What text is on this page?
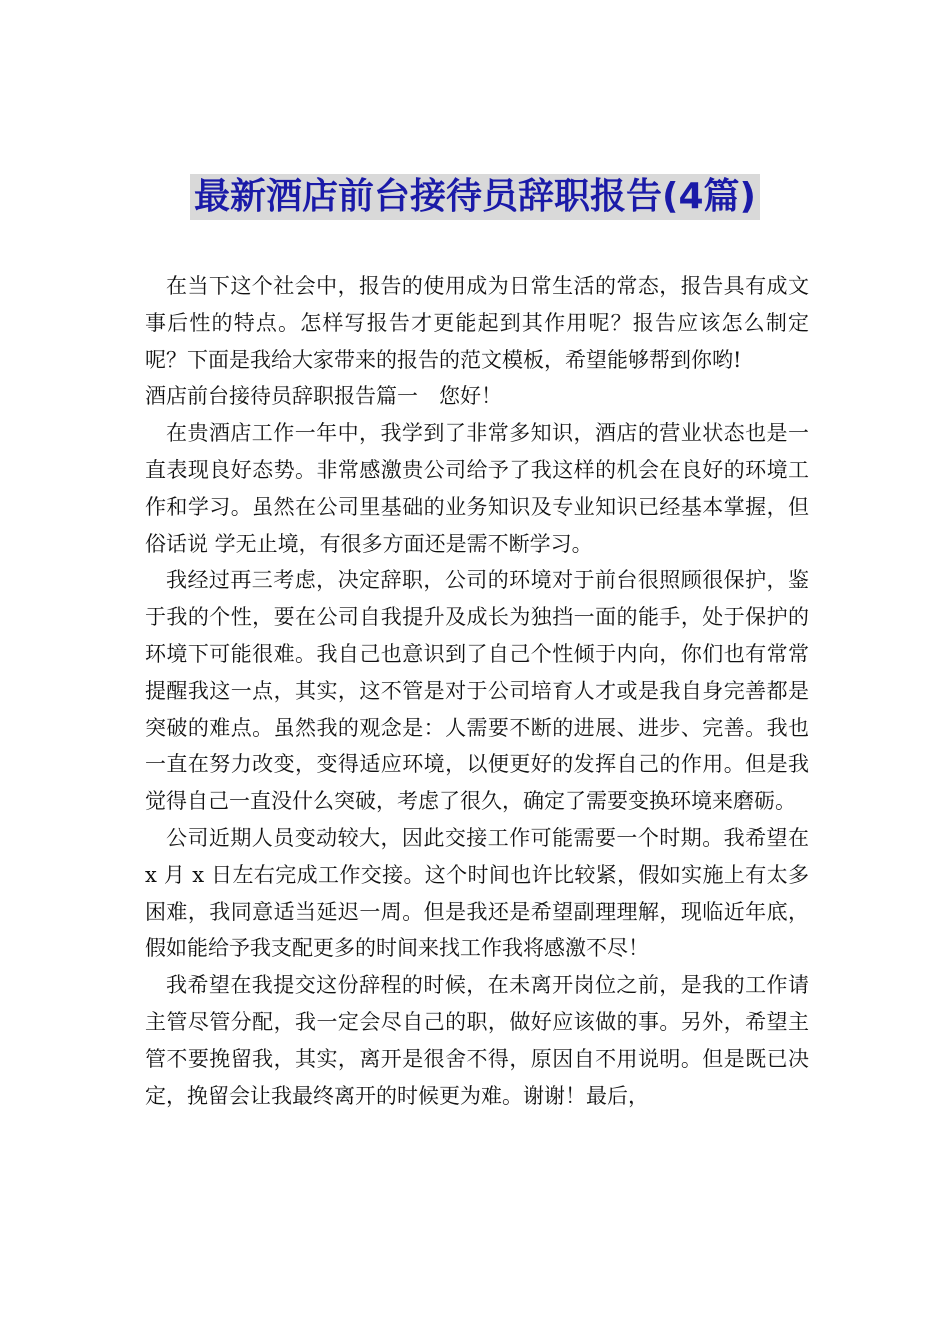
最新酒店前台接待员辞职报告(4篇)

在当下这个社会中，报告的使用成为日常生活的常态，报告具有成文事后性的特点。怎样写报告才更能起到其作用呢？报告应该怎么制定呢？下面是我给大家带来的报告的范文模板，希望能够帮到你哟!

酒店前台接待员辞职报告篇一　您好！

在贵酒店工作一年中，我学到了非常多知识，酒店的营业状态也是一直表现良好态势。非常感激贵公司给予了我这样的机会在良好的环境工作和学习。虽然在公司里基础的业务知识及专业知识已经基本掌握，但俗话说 学无止境，有很多方面还是需不断学习。

我经过再三考虑，决定辞职，公司的环境对于前台很照顾很保护，鉴于我的个性，要在公司自我提升及成长为独挡一面的能手，处于保护的环境下可能很难。我自己也意识到了自己个性倾于内向，你们也有常常提醒我这一点，其实，这不管是对于公司培育人才或是我自身完善都是突破的难点。虽然我的观念是：人需要不断的进展、进步、完善。我也一直在努力改变，变得适应环境，以便更好的发挥自己的作用。但是我觉得自己一直没什么突破，考虑了很久，确定了需要变换环境来磨砺。

公司近期人员变动较大，因此交接工作可能需要一个时期。我希望在 x 月 x 日左右完成工作交接。这个时间也许比较紧，假如实施上有太多困难，我同意适当延迟一周。但是我还是希望副理理解，现临近年底，假如能给予我支配更多的时间来找工作我将感激不尽！

我希望在我提交这份辞程的时候，在未离开岗位之前，是我的工作请主管尽管分配，我一定会尽自己的职，做好应该做的事。另外，希望主管不要挽留我，其实，离开是很舍不得，原因自不用说明。但是既已决定，挽留会让我最终离开的时候更为难。谢谢！最后，
